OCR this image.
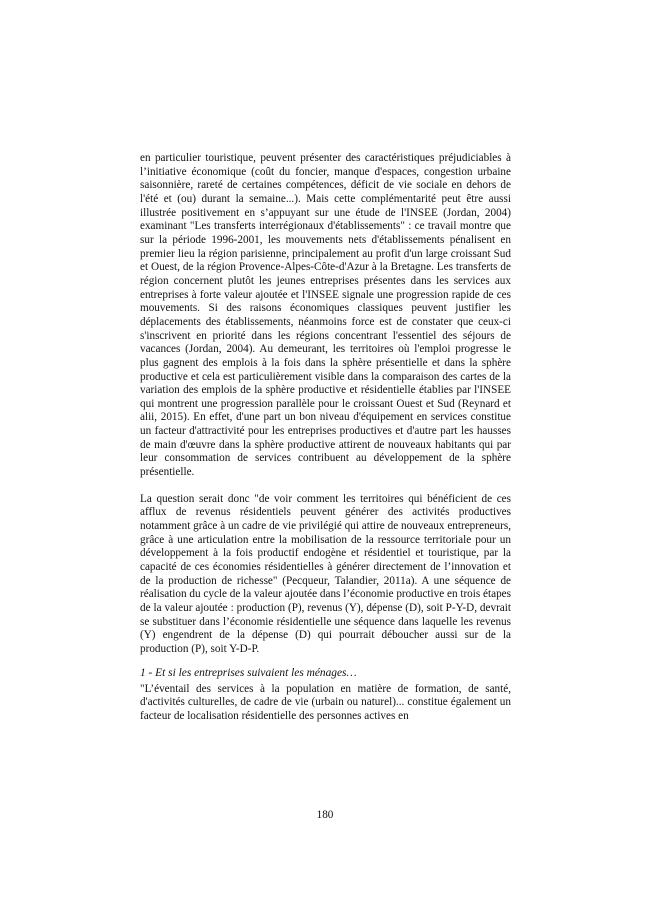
en particulier touristique, peuvent présenter des caractéristiques préjudiciables à l’initiative économique (coût du foncier, manque d'espaces, congestion urbaine saisonnière, rareté de certaines compétences, déficit de vie sociale en dehors de l'été et (ou) durant la semaine...). Mais cette complémentarité peut être aussi illustrée positivement en s’appuyant sur une étude de l'INSEE (Jordan, 2004) examinant "Les transferts interrégionaux d'établissements" : ce travail montre que sur la période 1996-2001, les mouvements nets d'établissements pénalisent en premier lieu la région parisienne, principalement au profit d'un large croissant Sud et Ouest, de la région Provence-Alpes-Côte-d'Azur à la Bretagne. Les transferts de région concernent plutôt les jeunes entreprises présentes dans les services aux entreprises à forte valeur ajoutée et l'INSEE signale une progression rapide de ces mouvements. Si des raisons économiques classiques peuvent justifier les déplacements des établissements, néanmoins force est de constater que ceux-ci s'inscrivent en priorité dans les régions concentrant l'essentiel des séjours de vacances (Jordan, 2004). Au demeurant, les territoires où l'emploi progresse le plus gagnent des emplois à la fois dans la sphère présentielle et dans la sphère productive et cela est particulièrement visible dans la comparaison des cartes de la variation des emplois de la sphère productive et résidentielle établies par l'INSEE qui montrent une progression parallèle pour le croissant Ouest et Sud (Reynard et alii, 2015). En effet, d'une part un bon niveau d'équipement en services constitue un facteur d'attractivité pour les entreprises productives et d'autre part les hausses de main d'œuvre dans la sphère productive attirent de nouveaux habitants qui par leur consommation de services contribuent au développement de la sphère présentielle.

La question serait donc "de voir comment les territoires qui bénéficient de ces afflux de revenus résidentiels peuvent générer des activités productives notamment grâce à un cadre de vie privilégié qui attire de nouveaux entrepreneurs, grâce à une articulation entre la mobilisation de la ressource territoriale pour un développement à la fois productif endogène et résidentiel et touristique, par la capacité de ces économies résidentielles à générer directement de l’innovation et de la production de richesse" (Pecqueur, Talandier, 2011a). A une séquence de réalisation du cycle de la valeur ajoutée dans l’économie productive en trois étapes de la valeur ajoutée : production (P), revenus (Y), dépense (D), soit P-Y-D, devrait se substituer dans l’économie résidentielle une séquence dans laquelle les revenus (Y) engendrent de la dépense (D) qui pourrait déboucher aussi sur de la production (P), soit Y-D-P.

1 - Et si les entreprises suivaient les ménages…

"L’éventail des services à la population en matière de formation, de santé, d'activités culturelles, de cadre de vie (urbain ou naturel)... constitue également un facteur de localisation résidentielle des personnes actives en

180
